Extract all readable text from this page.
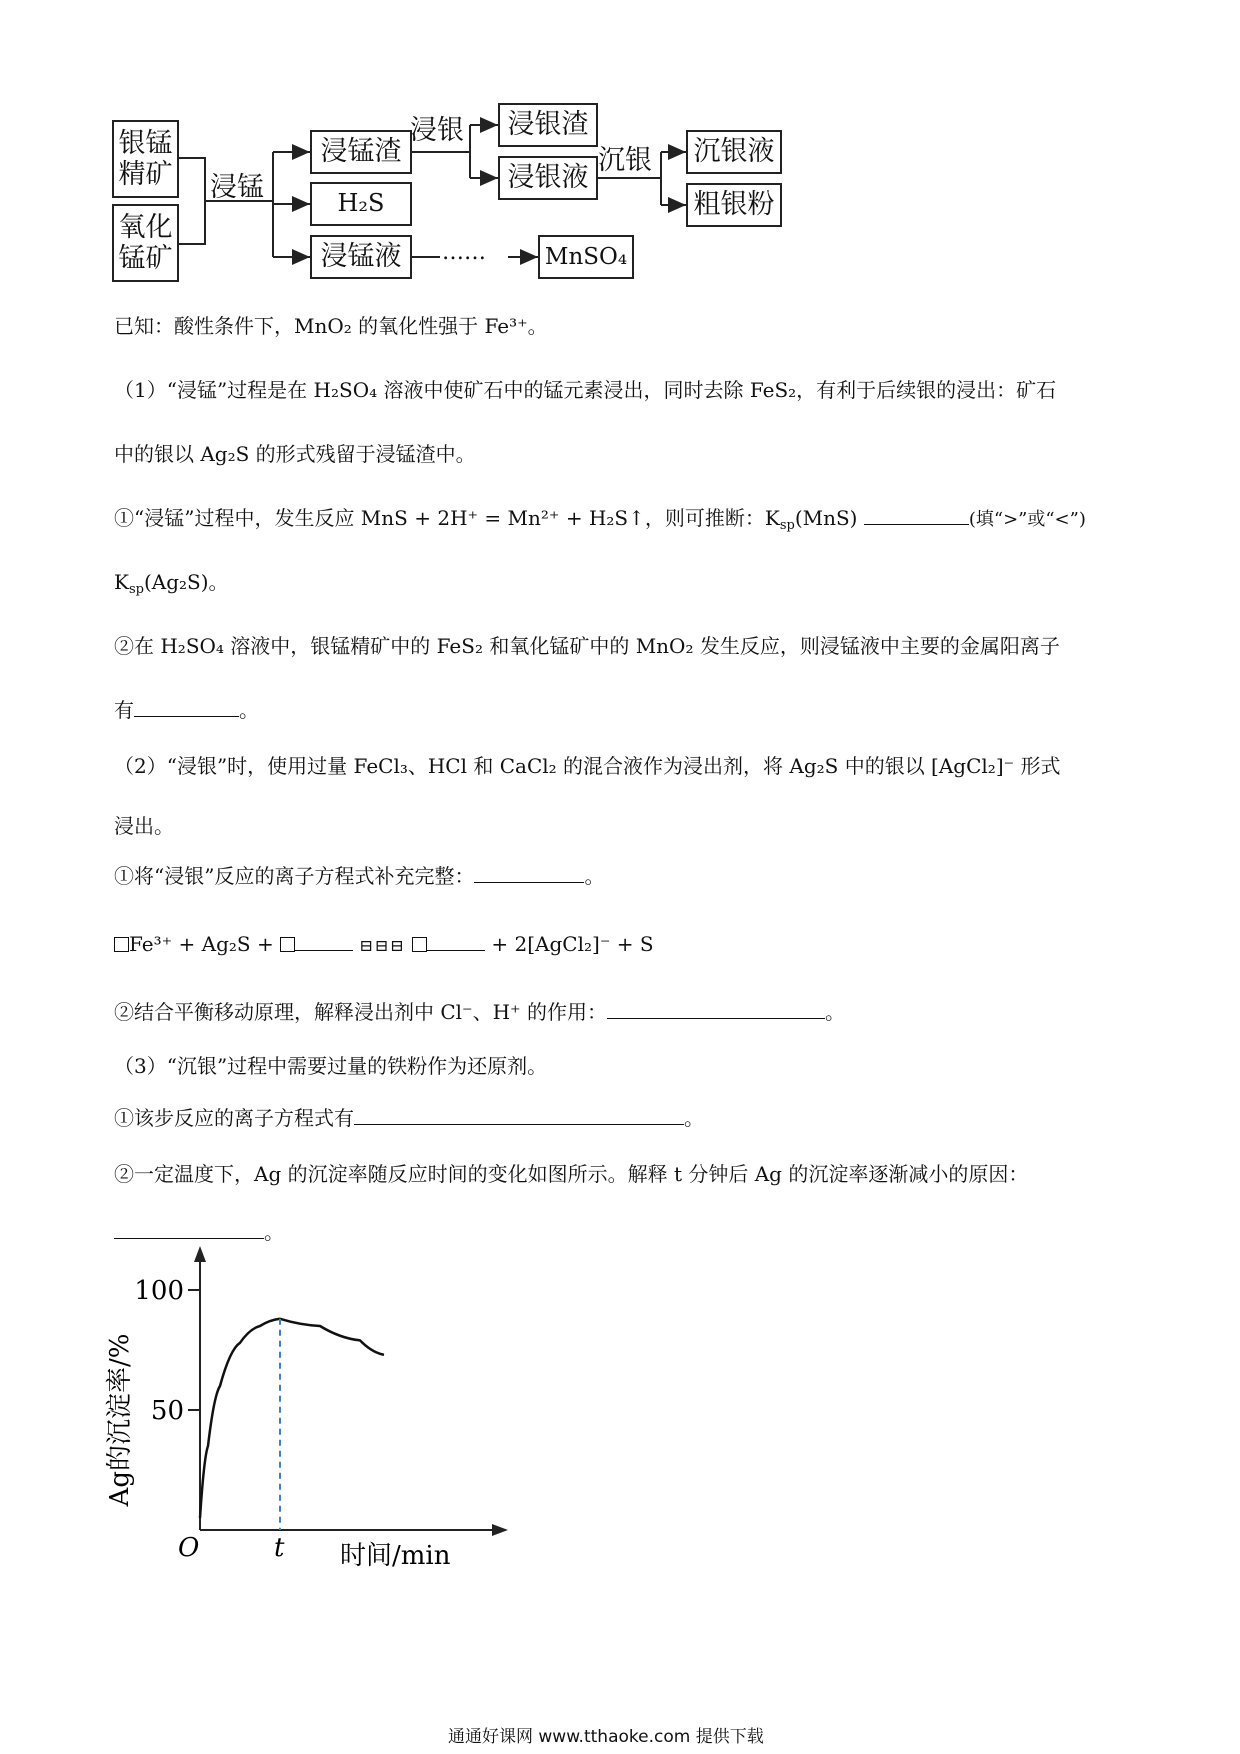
银锰
精矿
氧化
锰矿
浸锰
浸锰渣
H₂S
浸锰液	……	MnSO₄
浸银	浸银渣
浸银液
沉银 沉银液
粗银粉
已知：酸性条件下，MnO₂ 的氧化性强于 Fe³⁺。
（1）“浸锰”过程是在 H₂SO₄ 溶液中使矿石中的锰元素浸出，同时去除 FeS₂，有利于后续银的浸出：矿石
中的银以 Ag₂S 的形式残留于浸锰渣中。
①“浸锰”过程中，发生反应 MnS + 2H⁺ = Mn²⁺ + H₂S↑，则可推断：$K_{sp}(MnS)$	(填“>”或“<”)
$K_{sp}(Ag_2S)$。
②在 H₂SO₄ 溶液中，银锰精矿中的 FeS₂ 和氧化锰矿中的 MnO₂ 发生反应，则浸锰液中主要的金属阳离子
有	。
（2）“浸银”时，使用过量 FeCl₃、HCl 和 CaCl₂ 的混合液作为浸出剂，将 Ag₂S 中的银以 [AgCl₂]⁻ 形式
浸出。
①将“浸银”反应的离子方程式补充完整：	。
Fe³⁺ + Ag₂S +	⊟⊟⊟	+ 2[AgCl₂]⁻ + S
②结合平衡移动原理，解释浸出剂中 Cl⁻、H⁺ 的作用：	。
（3）“沉银”过程中需要过量的铁粉作为还原剂。
①该步反应的离子方程式有	。
②一定温度下，Ag 的沉淀率随反应时间的变化如图所示。解释 t 分钟后 Ag 的沉淀率逐渐减小的原因：
。
50
100
O	t 时间/min
Ag的沉淀率/%
通通好课网 www.tthaoke.com 提供下载
